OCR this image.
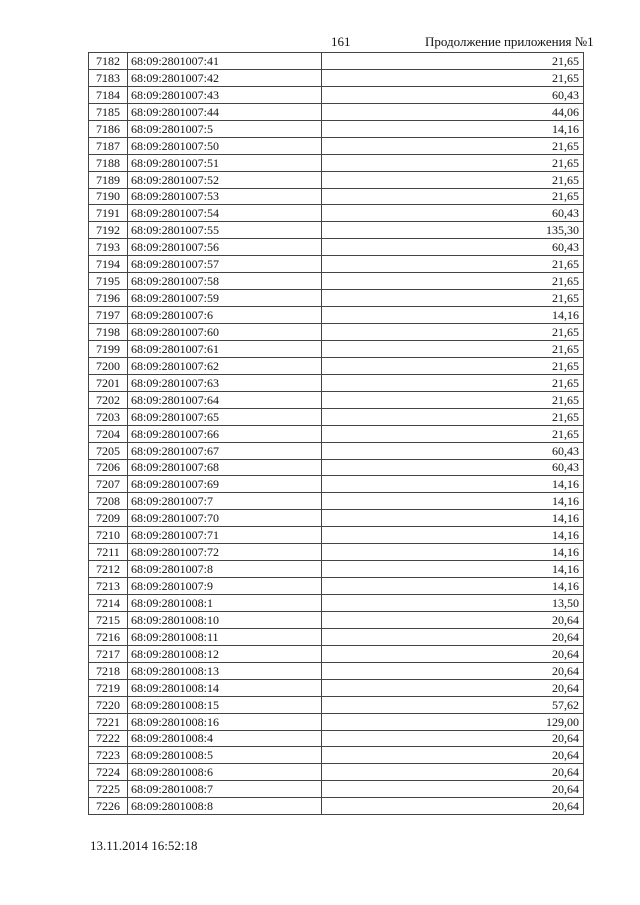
161	Продолжение приложения №1
7182	68:09:2801007:41	21,65
7183	68:09:2801007:42	21,65
7184	68:09:2801007:43	60,43
7185	68:09:2801007:44	44,06
7186	68:09:2801007:5	14,16
7187	68:09:2801007:50	21,65
7188	68:09:2801007:51	21,65
7189	68:09:2801007:52	21,65
7190	68:09:2801007:53	21,65
7191	68:09:2801007:54	60,43
7192	68:09:2801007:55	135,30
7193	68:09:2801007:56	60,43
7194	68:09:2801007:57	21,65
7195	68:09:2801007:58	21,65
7196	68:09:2801007:59	21,65
7197	68:09:2801007:6	14,16
7198	68:09:2801007:60	21,65
7199	68:09:2801007:61	21,65
7200	68:09:2801007:62	21,65
7201	68:09:2801007:63	21,65
7202	68:09:2801007:64	21,65
7203	68:09:2801007:65	21,65
7204	68:09:2801007:66	21,65
7205	68:09:2801007:67	60,43
7206	68:09:2801007:68	60,43
7207	68:09:2801007:69	14,16
7208	68:09:2801007:7	14,16
7209	68:09:2801007:70	14,16
7210	68:09:2801007:71	14,16
7211	68:09:2801007:72	14,16
7212	68:09:2801007:8	14,16
7213	68:09:2801007:9	14,16
7214	68:09:2801008:1	13,50
7215	68:09:2801008:10	20,64
7216	68:09:2801008:11	20,64
7217	68:09:2801008:12	20,64
7218	68:09:2801008:13	20,64
7219	68:09:2801008:14	20,64
7220	68:09:2801008:15	57,62
7221	68:09:2801008:16	129,00
7222	68:09:2801008:4	20,64
7223	68:09:2801008:5	20,64
7224	68:09:2801008:6	20,64
7225	68:09:2801008:7	20,64
7226	68:09:2801008:8	20,64
13.11.2014 16:52:18
